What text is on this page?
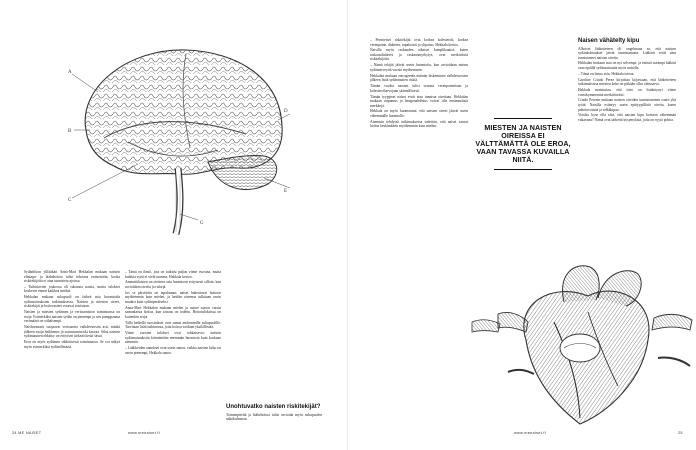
A
B
C
D
E
G

Sydänliiton ylilääkäri Anna-Mari Hekkalan mukaan naisten elintapa- ja lääkehoitoa tulisi tehostaa entisestään, koska riskitekijöitä ei aina tunnisteta ajoissa.

– Tutkittavien joukossa oli tuhansia naisia, mutta tulokset koskevat ennen kaikkea miehiä.

Hekkalan mukaan sukupuoli on tärkeä asia huomioida sydänsairauksien tutkimuksessa. Naisten ja miesten oireet, riskitekijät ja hoitovasteet eroavat toisistaan.

Naisten ja miesten sydämen ja verisuoniston toiminnassa on eroja. Esimerkiksi naisten sydän on pienempi ja sen pumppaama verimäärä on vähäisempi.

Naishormonit suojaavat verisuonia vaihdevuosiin asti, minkä jälkeen suoja heikkenee ja sairastumisriski kasvaa. Siksi naisten sydäntautien ehkäisy on erityisen tärkeää keski-iässä.

Eroa on myös sydämen sähköisessä toiminnassa. Se voi näkyä myös esimerkiksi sydänfilmissä.

– Tämä on ilmiö, jota on tutkittu paljon viime vuosina, mutta kaikkia syitä ei vielä tunneta, Hekkala kertoo.

Ammattilaisten on otettava asia huomioon erityisesti silloin, kun arvioidaan oireita ja riskejä.

Jos se päivittäin on tapahtunut, naiset hakeutuvat hoitoon myöhemmin kuin miehet, ja heidän oireensa tulkitaan usein muuksi kuin sydänperäiseksi.

Anna-Mari Hekkalan mukaan miehet ja naiset saavat varsin samanlaista hoitoa, kun sairaus on todettu. Hoitotuloksissa on kuitenkin eroja.

Tällä hetkellä suositukset ovat samat molemmille sukupuolille. Tarvitaan lisää tutkimusta, jotta hoitoa voidaan yksilöllistää.

Viime vuosien tulokset ovat rohkaisevia: naisten sydänsairauksiin kiinnitetään enemmän huomiota kuin koskaan aiemmin.

– Lääkkeiden annokset ovat usein samat, vaikka naisten keho on usein pienempi, Hekkala sanoo.

Unohtuvatko naisten riskitekijät?

Toimenpiteitä ja lääkehoitoa tulisi arvioida myös sukupuolen näkökulmasta.

24 ME NAISET	www.menaiset.fi

– Perinteiset riskitekijät ovat korkea kolesteroli, korkea verenpaine, diabetes, tupakointi ja ylipaino, Hekkala kertoo.

Naisilla myös raskauden aikaiset komplikaatiot, kuten raskausdiabetes ja raskausmyrkytys, ovat merkittäviä riskitekijöitä.

– Nämä tekijät jäävät usein huomiotta, kun arvioidaan naisen sydänterveyttä vuosia myöhemmin.

Hekkalan mukaan estrogeenin määrän laskeminen vaihdevuosien jälkeen lisää sydäntautien riskiä.

Tämän vuoksi naisten tulisi seurata verenpainettaan ja kolesteroliarvojaan säännöllisesti.

Tämän tyyppiset naiset eivät aina tunnista oireitaan. Hekkalan mukaan uupumus ja hengenahdistus voivat olla ensimmäisiä merkkejä.

Hekkala on myös huomannut, että naisten oireet jäävät usein vähemmälle huomiolle.

Aiemmin tehdyssä tutkimuksessa todettiin, että naiset saavat hoitoa keskimäärin myöhemmin kuin miehet.	MIESTEN JA NAISTEN OIREISSA EI VÄLTTÄMÄTTÄ OLE EROA, VAAN TAVASSA KUVAILLA NIITÄ.
Naisen vähätelty kipu

Alkoiset lääketieteen oli ongelmana se, että naisten sydänkohtaukset jäivät tunnistamatta. Lääkärit eivät aina tunnistaneet naisten oireita.

Hekkalan mukaan asia on nyt selvempi, ja entistä useampi lääkäri osaa epäillä sydänsairautta myös naisella.

– Tämä on hieno asia, Hekkala toteaa.

Caroline Criado Perez kirjoittaa kirjassaan, että lääketieteen tutkimuksissa miesten keho on pitkään ollut oletusarvo.

Hekkala muistuttaa, että tieto on lisääntynyt viime vuosikymmeninä merkittävästi.

Criado Perezin mukaan naisten oireiden tunnistaminen vaatii yhä työtä. Naisilla esiintyy usein epätyypillisiä oireita, kuten pahoinvointia ja selkäkipua.

Voisiko kyse olla siitä, että naisten kipu koetaan vähemmän vakavana? Nämä ovat tärkeitä kysymyksiä, joita on syytä pohtia.

www.menaiset.fi	25
